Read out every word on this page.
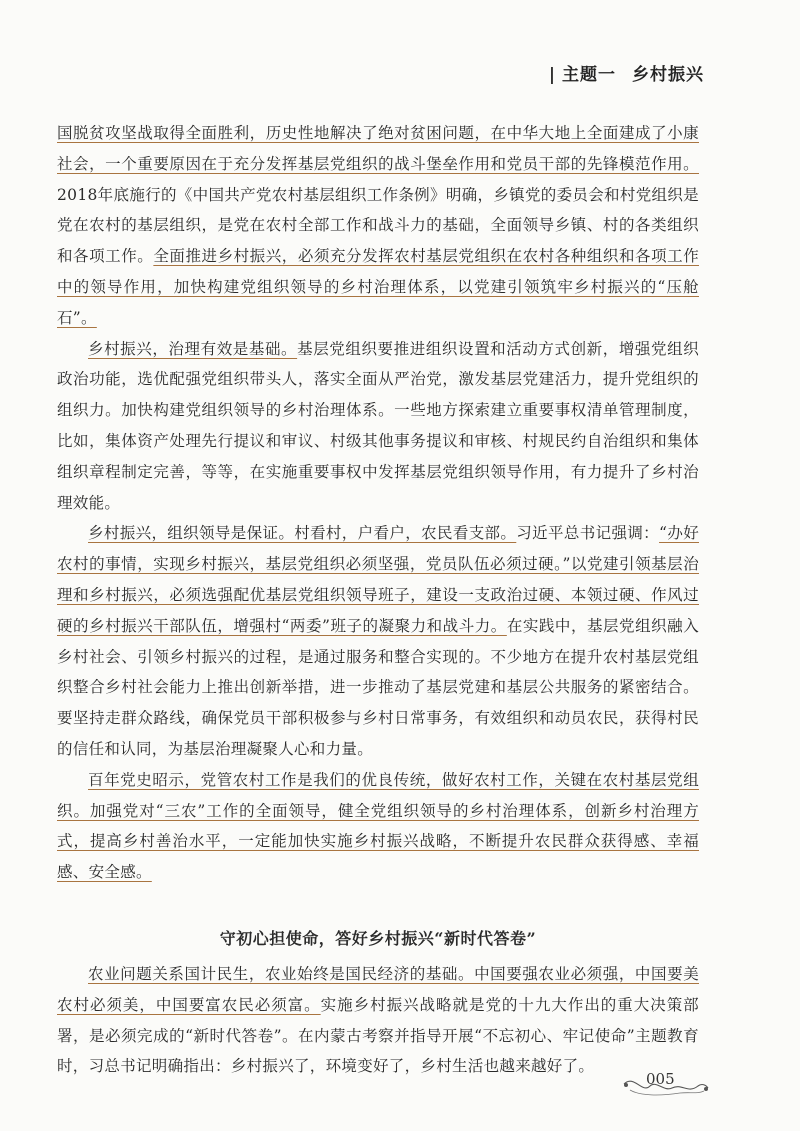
| 主题一 乡村振兴

国脱贫攻坚战取得全面胜利，历史性地解决了绝对贫困问题，在中华大地上全面建成了小康社会，一个重要原因在于充分发挥基层党组织的战斗堡垒作用和党员干部的先锋模范作用。2018年底施行的《中国共产党农村基层组织工作条例》明确，乡镇党的委员会和村党组织是党在农村的基层组织，是党在农村全部工作和战斗力的基础，全面领导乡镇、村的各类组织和各项工作。全面推进乡村振兴，必须充分发挥农村基层党组织在农村各种组织和各项工作中的领导作用，加快构建党组织领导的乡村治理体系，以党建引领筑牢乡村振兴的“压舱石”。

乡村振兴，治理有效是基础。基层党组织要推进组织设置和活动方式创新，增强党组织政治功能，选优配强党组织带头人，落实全面从严治党，激发基层党建活力，提升党组织的组织力。加快构建党组织领导的乡村治理体系。一些地方探索建立重要事权清单管理制度，比如，集体资产处理先行提议和审议、村级其他事务提议和审核、村规民约自治组织和集体组织章程制定完善，等等，在实施重要事权中发挥基层党组织领导作用，有力提升了乡村治理效能。

乡村振兴，组织领导是保证。村看村，户看户，农民看支部。习近平总书记强调：“办好农村的事情，实现乡村振兴，基层党组织必须坚强，党员队伍必须过硬。”以党建引领基层治理和乡村振兴，必须选强配优基层党组织领导班子，建设一支政治过硬、本领过硬、作风过硬的乡村振兴干部队伍，增强村“两委”班子的凝聚力和战斗力。在实践中，基层党组织融入乡村社会、引领乡村振兴的过程，是通过服务和整合实现的。不少地方在提升农村基层党组织整合乡村社会能力上推出创新举措，进一步推动了基层党建和基层公共服务的紧密结合。要坚持走群众路线，确保党员干部积极参与乡村日常事务，有效组织和动员农民，获得村民的信任和认同，为基层治理凝聚人心和力量。

百年党史昭示，党管农村工作是我们的优良传统，做好农村工作，关键在农村基层党组织。加强党对“三农”工作的全面领导，健全党组织领导的乡村治理体系，创新乡村治理方式，提高乡村善治水平，一定能加快实施乡村振兴战略，不断提升农民群众获得感、幸福感、安全感。

守初心担使命，答好乡村振兴“新时代答卷”

农业问题关系国计民生，农业始终是国民经济的基础。中国要强农业必须强，中国要美农村必须美，中国要富农民必须富。实施乡村振兴战略就是党的十九大作出的重大决策部署，是必须完成的“新时代答卷”。在内蒙古考察并指导开展“不忘初心、牢记使命”主题教育时，习总书记明确指出：乡村振兴了，环境变好了，乡村生活也越来越好了。

005
